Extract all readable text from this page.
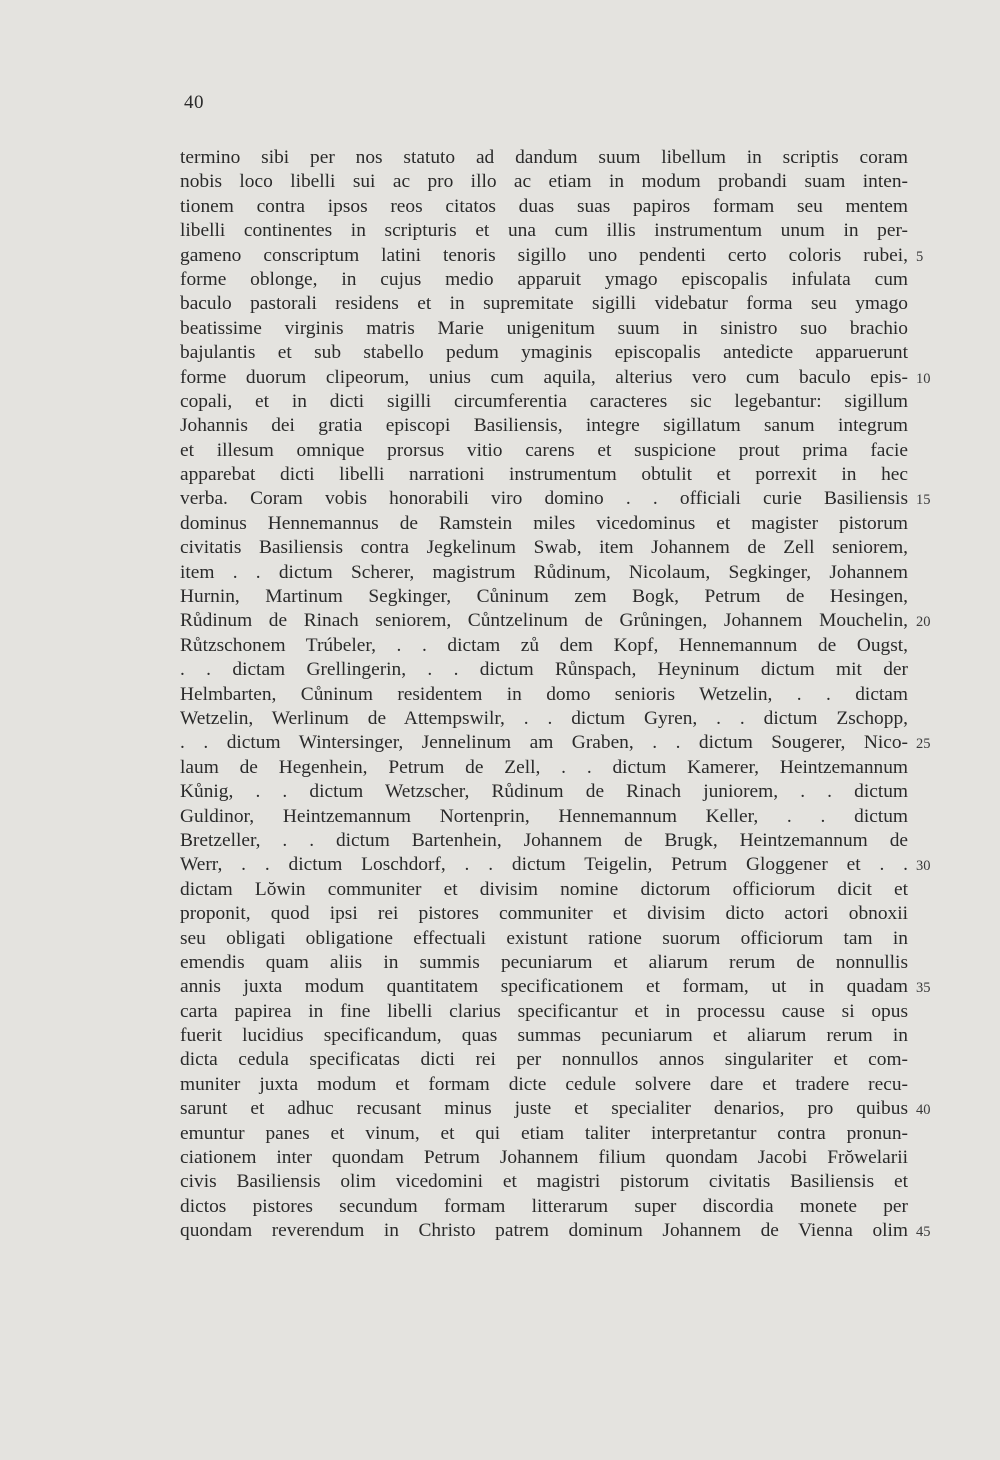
40
termino sibi per nos statuto ad dandum suum libellum in scriptis coram
nobis loco libelli sui ac pro illo ac etiam in modum probandi suam inten-
tionem contra ipsos reos citatos duas suas papiros formam seu mentem
libelli continentes in scripturis et una cum illis instrumentum unum in per-
gameno conscriptum latini tenoris sigillo uno pendenti certo coloris rubei, 5
forme oblonge, in cujus medio apparuit ymago episcopalis infulata cum
baculo pastorali residens et in supremitate sigilli videbatur forma seu ymago
beatissime virginis matris Marie unigenitum suum in sinistro suo brachio
bajulantis et sub stabello pedum ymaginis episcopalis antedicte apparuerunt
forme duorum clipeorum, unius cum aquila, alterius vero cum baculo epis- 10
copali, et in dicti sigilli circumferentia caracteres sic legebantur: sigillum
Johannis dei gratia episcopi Basiliensis, integre sigillatum sanum integrum
et illesum omnique prorsus vitio carens et suspicione prout prima facie
apparebat dicti libelli narrationi instrumentum obtulit et porrexit in hec
verba. Coram vobis honorabili viro domino . . officiali curie Basiliensis 15
dominus Hennemannus de Ramstein miles vicedominus et magister pistorum
civitatis Basiliensis contra Jegkelinum Swab, item Johannem de Zell seniorem,
item . . dictum Scherer, magistrum Růdinum, Nicolaum, Segkinger, Johannem
Hurnin, Martinum Segkinger, Cůninum zem Bogk, Petrum de Hesingen,
Růdinum de Rinach seniorem, Cůntzelinum de Grůningen, Johannem Mouchelin, 20
Růtzschonem Trúbeler, . . dictam zů dem Kopf, Hennemannum de Ougst,
. . dictam Grellingerin, . . dictum Růnspach, Heyninum dictum mit der
Helmbarten, Cůninum residentem in domo senioris Wetzelin, . . dictam
Wetzelin, Werlinum de Attempswilr, . . dictum Gyren, . . dictum Zschopp,
. . dictum Wintersinger, Jennelinum am Graben, . . dictum Sougerer, Nico- 25
laum de Hegenhein, Petrum de Zell, . . dictum Kamerer, Heintzemannum
Kůnig, . . dictum Wetzscher, Růdinum de Rinach juniorem, . . dictum
Guldinor, Heintzemannum Nortenprin, Hennemannum Keller, . . dictum
Bretzeller, . . dictum Bartenhein, Johannem de Brugk, Heintzemannum de
Werr, . . dictum Loschdorf, . . dictum Teigelin, Petrum Gloggener et . . 30
dictam Lŏwin communiter et divisim nomine dictorum officiorum dicit et
proponit, quod ipsi rei pistores communiter et divisim dicto actori obnoxii
seu obligati obligatione effectuali existunt ratione suorum officiorum tam in
emendis quam aliis in summis pecuniarum et aliarum rerum de nonnullis
annis juxta modum quantitatem specificationem et formam, ut in quadam 35
carta papirea in fine libelli clarius specificantur et in processu cause si opus
fuerit lucidius specificandum, quas summas pecuniarum et aliarum rerum in
dicta cedula specificatas dicti rei per nonnullos annos singulariter et com-
muniter juxta modum et formam dicte cedule solvere dare et tradere recu-
sarunt et adhuc recusant minus juste et specialiter denarios, pro quibus 40
emuntur panes et vinum, et qui etiam taliter interpretantur contra pronun-
ciationem inter quondam Petrum Johannem filium quondam Jacobi Frŏwelarii
civis Basiliensis olim vicedomini et magistri pistorum civitatis Basiliensis et
dictos pistores secundum formam litterarum super discordia monete per
quondam reverendum in Christo patrem dominum Johannem de Vienna olim 45
